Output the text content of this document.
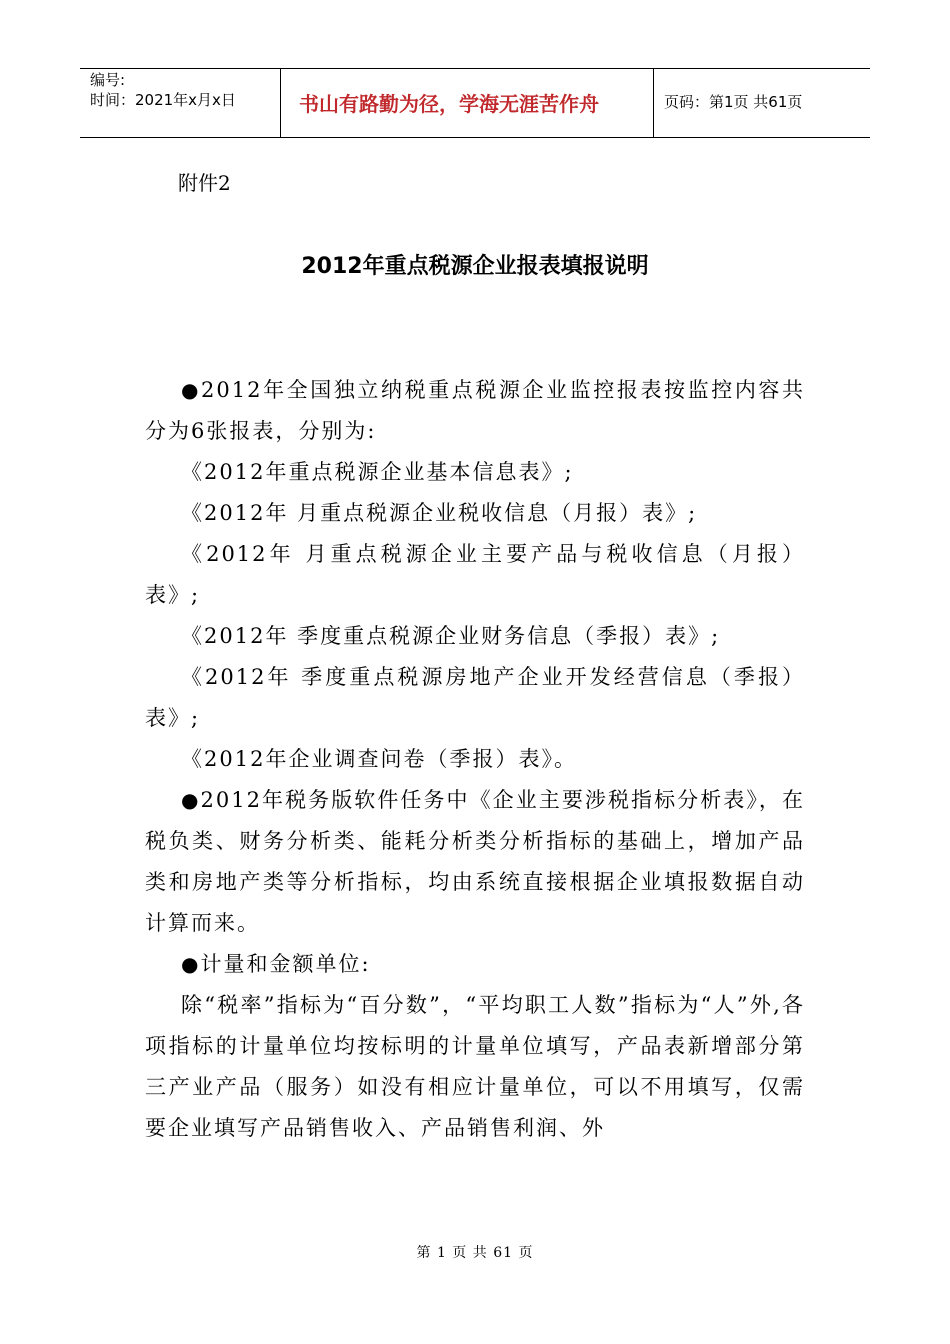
编号:
时间：2021年x月x日	书山有路勤为径，学海无涯苦作舟	页码：第1页 共61页
附件2
2012年重点税源企业报表填报说明
●2012年全国独立纳税重点税源企业监控报表按监控内容共分为6张报表，分别为:
《2012年重点税源企业基本信息表》;
《2012年 月重点税源企业税收信息（月报）表》;
《2012年 月重点税源企业主要产品与税收信息（月报）表》;
《2012年 季度重点税源企业财务信息（季报）表》;
《2012年 季度重点税源房地产企业开发经营信息（季报）表》;
《2012年企业调查问卷（季报）表》。
●2012年税务版软件任务中《企业主要涉税指标分析表》，在税负类、财务分析类、能耗分析类分析指标的基础上，增加产品类和房地产类等分析指标，均由系统直接根据企业填报数据自动计算而来。
●计量和金额单位:
除“税率”指标为“百分数”，“平均职工人数”指标为“人”外,各项指标的计量单位均按标明的计量单位填写，产品表新增部分第三产业产品（服务）如没有相应计量单位，可以不用填写，仅需要企业填写产品销售收入、产品销售利润、外
第 1 页 共 61 页
